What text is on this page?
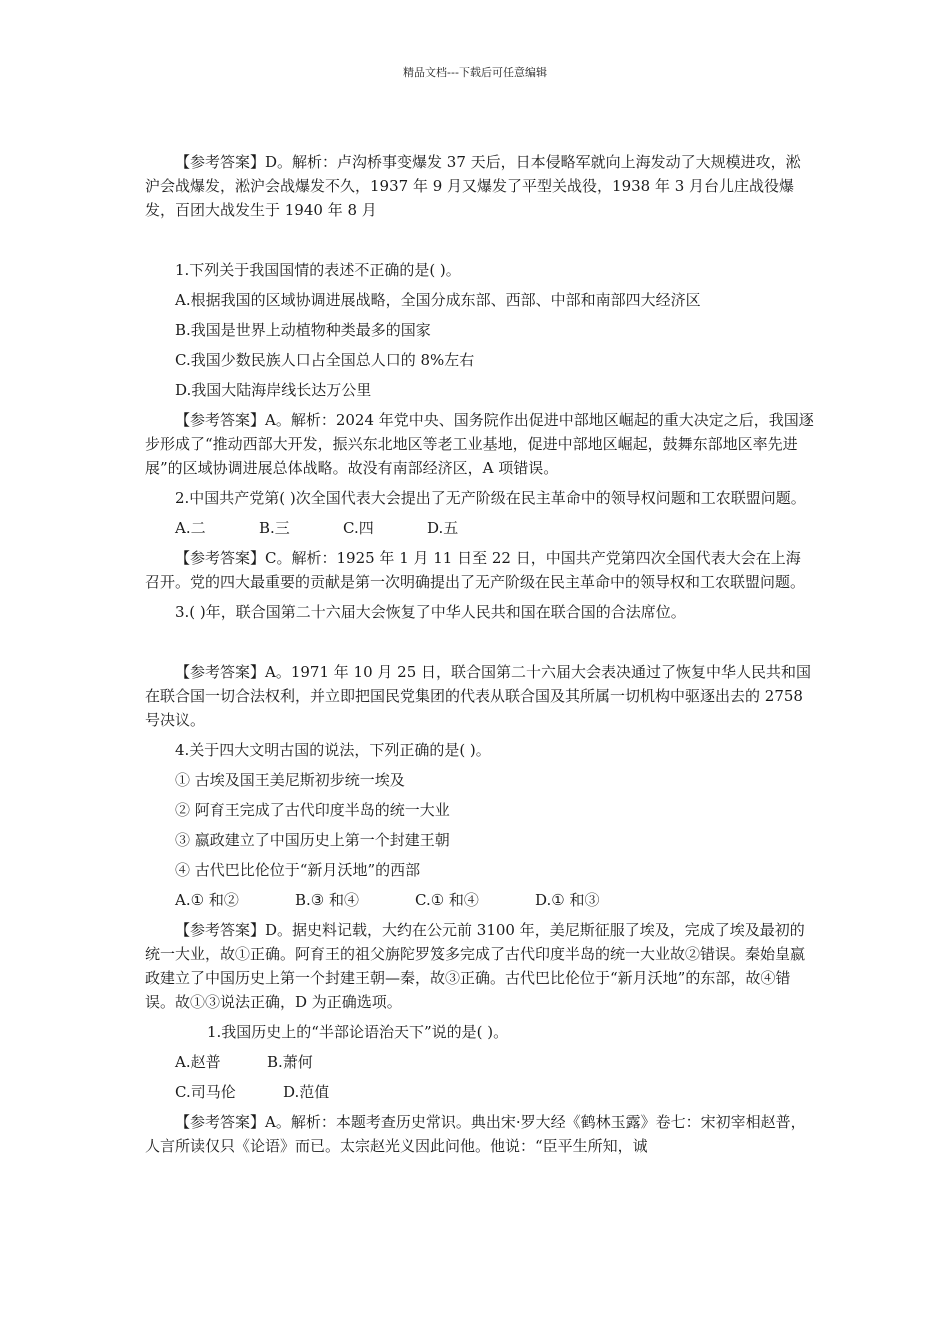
精品文档---下载后可任意编辑

【参考答案】D。解析：卢沟桥事变爆发 37 天后，日本侵略军就向上海发动了大规模进攻，淞沪会战爆发，淞沪会战爆发不久，1937 年 9 月又爆发了平型关战役，1938 年 3 月台儿庄战役爆发，百团大战发生于 1940 年 8 月

1.下列关于我国国情的表述不正确的是( )。

A.根据我国的区域协调进展战略，全国分成东部、西部、中部和南部四大经济区

B.我国是世界上动植物种类最多的国家

C.我国少数民族人口占全国总人口的 8%左右

D.我国大陆海岸线长达万公里

【参考答案】A。解析：2024 年党中央、国务院作出促进中部地区崛起的重大决定之后，我国逐步形成了“推动西部大开发，振兴东北地区等老工业基地，促进中部地区崛起，鼓舞东部地区率先进展”的区域协调进展总体战略。故没有南部经济区，A 项错误。

2.中国共产党第( )次全国代表大会提出了无产阶级在民主革命中的领导权问题和工农联盟问题。

A.二	B.三	C.四	D.五

【参考答案】C。解析：1925 年 1 月 11 日至 22 日，中国共产党第四次全国代表大会在上海召开。党的四大最重要的贡献是第一次明确提出了无产阶级在民主革命中的领导权和工农联盟问题。

3.( )年，联合国第二十六届大会恢复了中华人民共和国在联合国的合法席位。

【参考答案】A。1971 年 10 月 25 日，联合国第二十六届大会表决通过了恢复中华人民共和国在联合国一切合法权利，并立即把国民党集团的代表从联合国及其所属一切机构中驱逐出去的 2758 号决议。

4.关于四大文明古国的说法，下列正确的是( )。

① 古埃及国王美尼斯初步统一埃及

② 阿育王完成了古代印度半岛的统一大业

③ 嬴政建立了中国历史上第一个封建王朝

④ 古代巴比伦位于“新月沃地”的西部

A.① 和②	B.③ 和④	C.① 和④	D.① 和③

【参考答案】D。据史料记载，大约在公元前 3100 年，美尼斯征服了埃及，完成了埃及最初的统一大业，故①正确。阿育王的祖父旃陀罗笈多完成了古代印度半岛的统一大业故②错误。秦始皇嬴政建立了中国历史上第一个封建王朝—秦，故③正确。古代巴比伦位于“新月沃地”的东部，故④错误。故①③说法正确，D 为正确选项。

1.我国历史上的“半部论语治天下”说的是( )。

A.赵普	B.萧何

C.司马伦	D.范值

【参考答案】A。解析：本题考查历史常识。典出宋·罗大经《鹤林玉露》卷七：宋初宰相赵普，人言所读仅只《论语》而已。太宗赵光义因此问他。他说：“臣平生所知，诚
